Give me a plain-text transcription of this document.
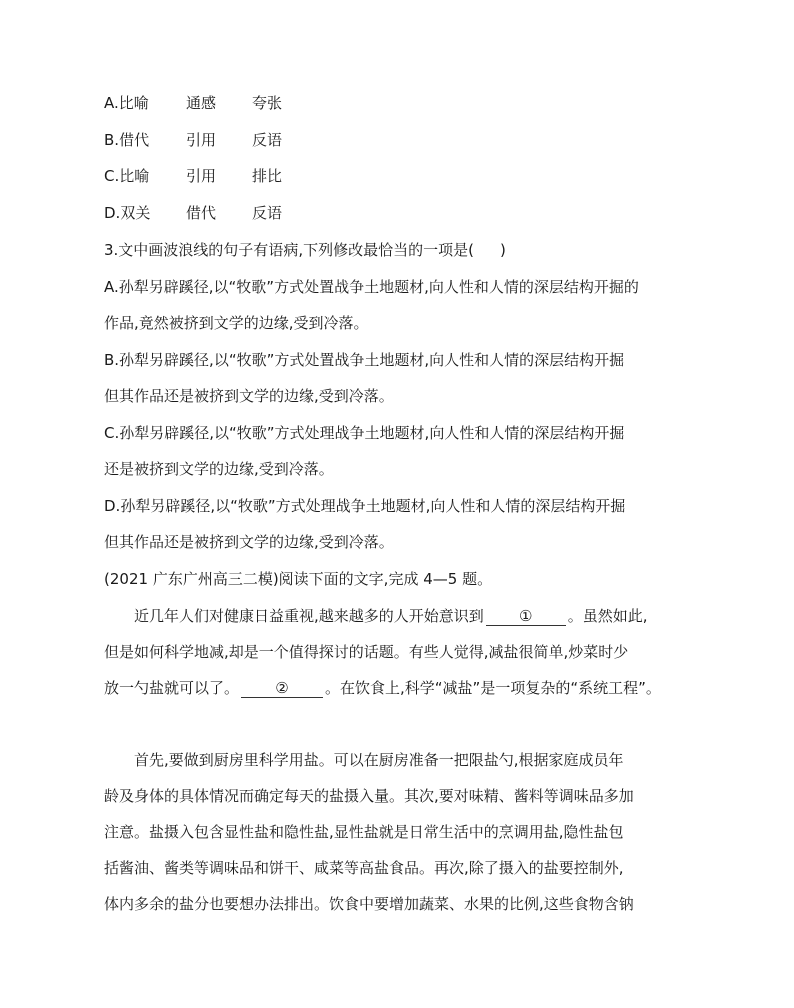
A.比喻 通感 夸张
B.借代 引用 反语
C.比喻 引用 排比
D.双关 借代 反语
3.文中画波浪线的句子有语病,下列修改最恰当的一项是( )
A.孙犁另辟蹊径,以“牧歌”方式处置战争土地题材,向人性和人情的深层结构开掘的
作品,竟然被挤到文学的边缘,受到冷落。
B.孙犁另辟蹊径,以“牧歌”方式处置战争土地题材,向人性和人情的深层结构开掘
但其作品还是被挤到文学的边缘,受到冷落。
C.孙犁另辟蹊径,以“牧歌”方式处理战争土地题材,向人性和人情的深层结构开掘
还是被挤到文学的边缘,受到冷落。
D.孙犁另辟蹊径,以“牧歌”方式处理战争土地题材,向人性和人情的深层结构开掘
但其作品还是被挤到文学的边缘,受到冷落。
(2021 广东广州高三二模)阅读下面的文字,完成 4—5 题。
近几年人们对健康日益重视,越来越多的人开始意识到 ① 。虽然如此,
但是如何科学地减,却是一个值得探讨的话题。有些人觉得,减盐很简单,炒菜时少
放一勺盐就可以了。 ② 。在饮食上,科学“减盐”是一项复杂的“系统工程”。
首先,要做到厨房里科学用盐。可以在厨房准备一把限盐勺,根据家庭成员年
龄及身体的具体情况而确定每天的盐摄入量。其次,要对味精、酱料等调味品多加
注意。盐摄入包含显性盐和隐性盐,显性盐就是日常生活中的烹调用盐,隐性盐包
括酱油、酱类等调味品和饼干、咸菜等高盐食品。再次,除了摄入的盐要控制外,
体内多余的盐分也要想办法排出。饮食中要增加蔬菜、水果的比例,这些食物含钠
